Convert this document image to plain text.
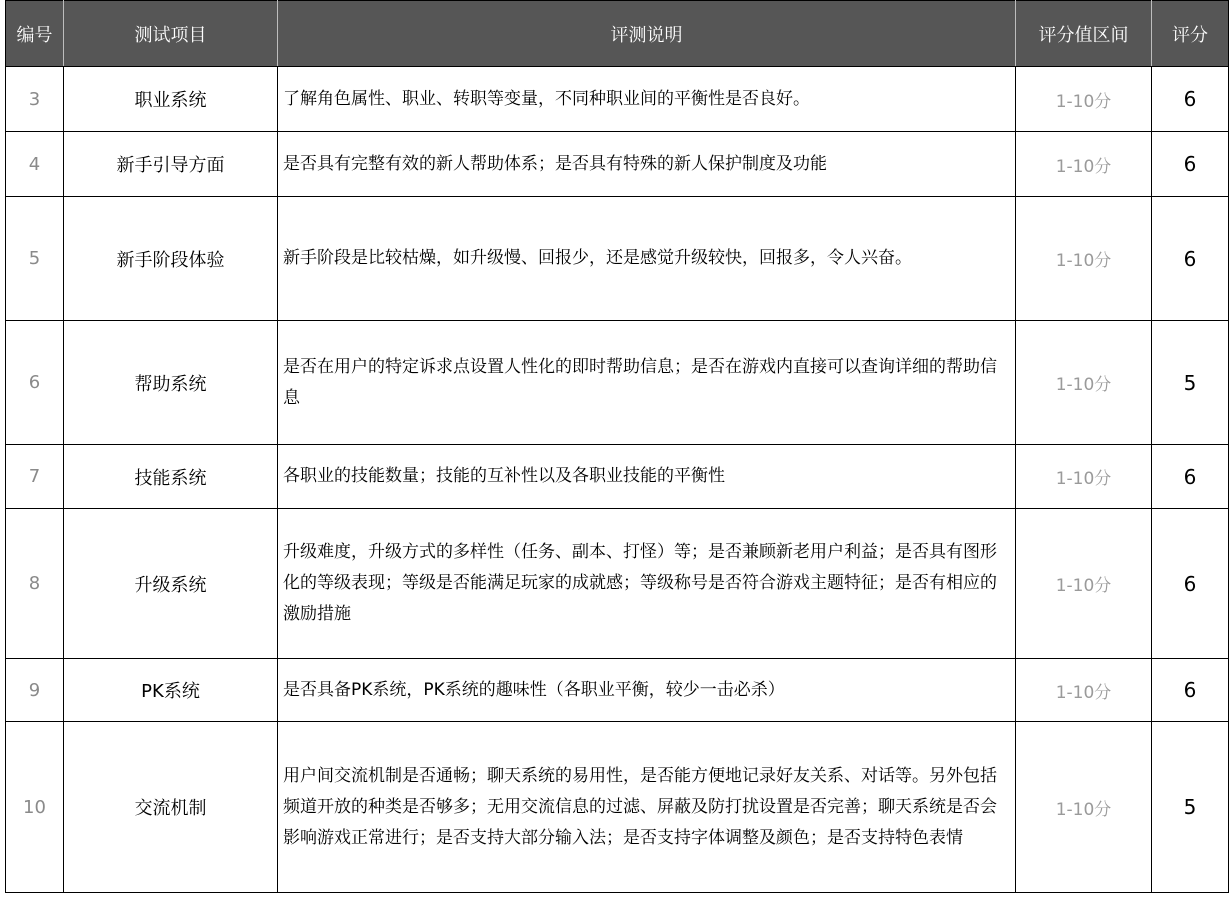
编号	测试项目	评测说明	评分值区间	评分
3	职业系统	了解角色属性、职业、转职等变量，不同种职业间的平衡性是否良好。	1-10分	6
4	新手引导方面	是否具有完整有效的新人帮助体系；是否具有特殊的新人保护制度及功能	1-10分	6
5	新手阶段体验	新手阶段是比较枯燥，如升级慢、回报少，还是感觉升级较快，回报多，令人兴奋。	1-10分	6
6	帮助系统	是否在用户的特定诉求点设置人性化的即时帮助信息；是否在游戏内直接可以查询详细的帮助信息	1-10分	5
7	技能系统	各职业的技能数量；技能的互补性以及各职业技能的平衡性	1-10分	6
8	升级系统	升级难度，升级方式的多样性（任务、副本、打怪）等；是否兼顾新老用户利益；是否具有图形化的等级表现；等级是否能满足玩家的成就感；等级称号是否符合游戏主题特征；是否有相应的激励措施	1-10分	6
9	PK系统	是否具备PK系统，PK系统的趣味性（各职业平衡，较少一击必杀）	1-10分	6
10	交流机制	用户间交流机制是否通畅；聊天系统的易用性，是否能方便地记录好友关系、对话等。另外包括频道开放的种类是否够多；无用交流信息的过滤、屏蔽及防打扰设置是否完善；聊天系统是否会影响游戏正常进行；是否支持大部分输入法；是否支持字体调整及颜色；是否支持特色表情	1-10分	5
